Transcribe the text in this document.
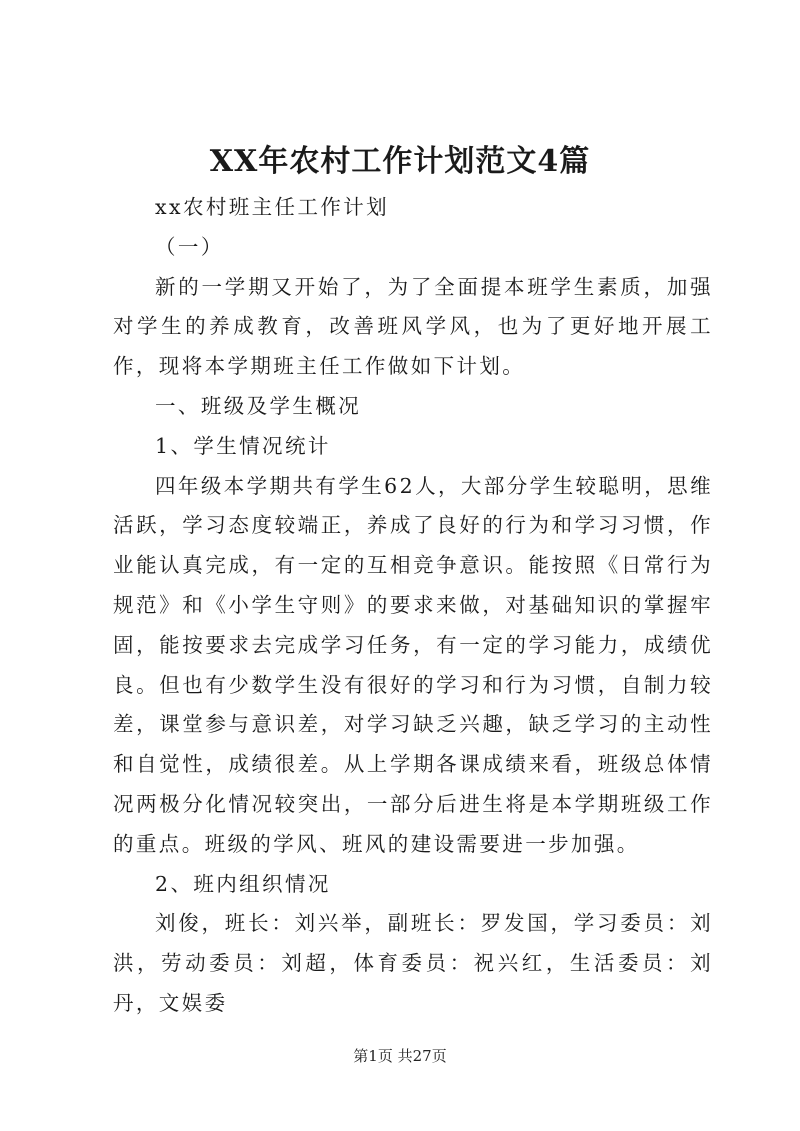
XX年农村工作计划范文4篇

xx农村班主任工作计划

（一）

新的一学期又开始了，为了全面提本班学生素质，加强对学生的养成教育，改善班风学风，也为了更好地开展工作，现将本学期班主任工作做如下计划。

一、班级及学生概况

1、学生情况统计

四年级本学期共有学生62人，大部分学生较聪明，思维活跃，学习态度较端正，养成了良好的行为和学习习惯，作业能认真完成，有一定的互相竞争意识。能按照《日常行为规范》和《小学生守则》的要求来做，对基础知识的掌握牢固，能按要求去完成学习任务，有一定的学习能力，成绩优良。但也有少数学生没有很好的学习和行为习惯，自制力较差，课堂参与意识差，对学习缺乏兴趣，缺乏学习的主动性和自觉性，成绩很差。从上学期各课成绩来看，班级总体情况两极分化情况较突出，一部分后进生将是本学期班级工作的重点。班级的学风、班风的建设需要进一步加强。

2、班内组织情况

刘俊，班长：刘兴举，副班长：罗发国，学习委员：刘洪，劳动委员：刘超，体育委员：祝兴红，生活委员：刘丹，文娱委

第1页 共27页
